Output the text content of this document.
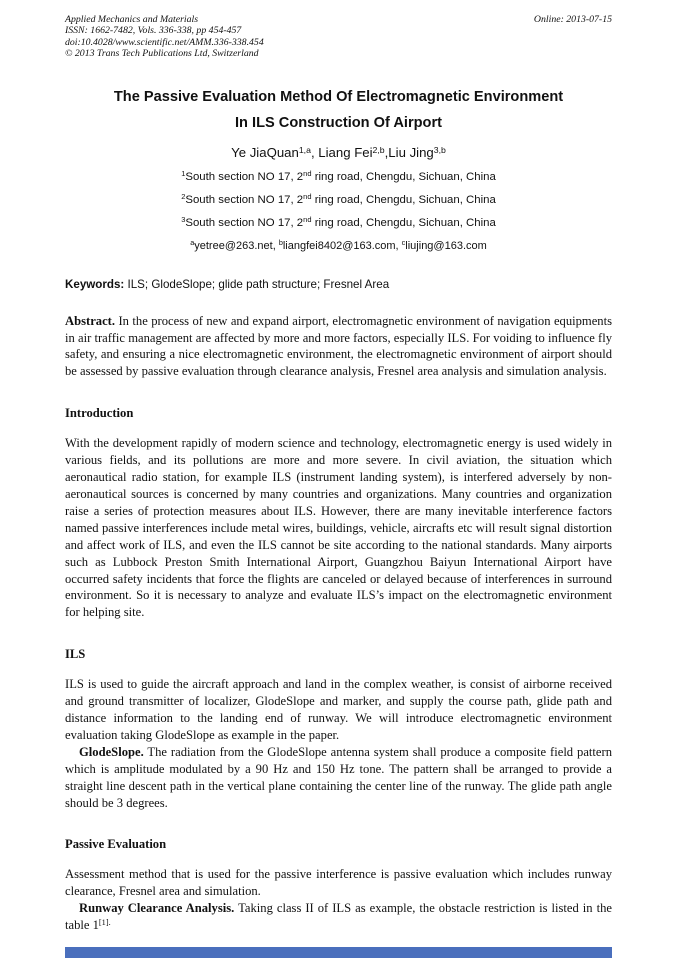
Applied Mechanics and Materials
ISSN: 1662-7482, Vols. 336-338, pp 454-457
doi:10.4028/www.scientific.net/AMM.336-338.454
© 2013 Trans Tech Publications Ltd, Switzerland
Online: 2013-07-15
The Passive Evaluation Method Of Electromagnetic Environment
In ILS Construction Of Airport
Ye JiaQuan$^{1,a}$, Liang Fei$^{2,b}$,Liu Jing$^{3,b}$
$^1$South section NO 17, 2nd ring road, Chengdu, Sichuan, China
$^2$South section NO 17, 2nd ring road, Chengdu, Sichuan, China
$^3$South section NO 17, 2nd ring road, Chengdu, Sichuan, China
$^a$yetree@263.net, $^b$liangfei8402@163.com, $^c$liujing@163.com
Keywords: ILS; GlodeSlope; glide path structure; Fresnel Area
Abstract. In the process of new and expand airport, electromagnetic environment of navigation equipments in air traffic management are affected by more and more factors, especially ILS. For voiding to influence fly safety, and ensuring a nice electromagnetic environment, the electromagnetic environment of airport should be assessed by passive evaluation through clearance analysis, Fresnel area analysis and simulation analysis.
Introduction
With the development rapidly of modern science and technology, electromagnetic energy is used widely in various fields, and its pollutions are more and more severe. In civil aviation, the situation which aeronautical radio station, for example ILS (instrument landing system), is interfered adversely by non-aeronautical sources is concerned by many countries and organizations. Many countries and organization raise a series of protection measures about ILS. However, there are many inevitable interference factors named passive interferences include metal wires, buildings, vehicle, aircrafts etc will result signal distortion and affect work of ILS, and even the ILS cannot be site according to the national standards. Many airports such as Lubbock Preston Smith International Airport, Guangzhou Baiyun International Airport have occurred safety incidents that force the flights are canceled or delayed because of interferences in surround environment. So it is necessary to analyze and evaluate ILS’s impact on the electromagnetic environment for helping site.
ILS
ILS is used to guide the aircraft approach and land in the complex weather, is consist of airborne received and ground transmitter of localizer, GlodeSlope and marker, and supply the course path, glide path and distance information to the landing end of runway. We will introduce electromagnetic environment evaluation taking GlodeSlope as example in the paper.
GlodeSlope. The radiation from the GlodeSlope antenna system shall produce a composite field pattern which is amplitude modulated by a 90 Hz and 150 Hz tone. The pattern shall be arranged to provide a straight line descent path in the vertical plane containing the center line of the runway. The glide path angle should be 3 degrees.
Passive Evaluation
Assessment method that is used for the passive interference is passive evaluation which includes runway clearance, Fresnel area and simulation.
Runway Clearance Analysis. Taking class II of ILS as example, the obstacle restriction is listed in the table $1^{[1].}$
